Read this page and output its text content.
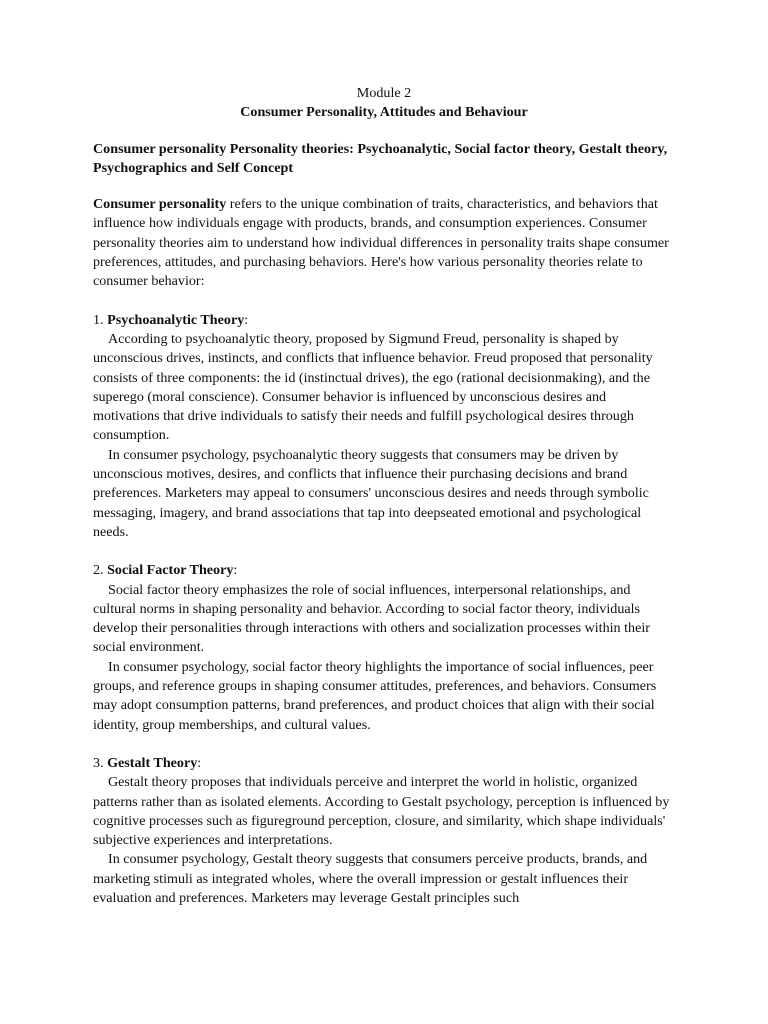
Module 2

Consumer Personality, Attitudes and Behaviour

Consumer personality Personality theories: Psychoanalytic, Social factor theory, Gestalt theory, Psychographics and Self Concept

Consumer personality refers to the unique combination of traits, characteristics, and behaviors that influence how individuals engage with products, brands, and consumption experiences. Consumer personality theories aim to understand how individual differences in personality traits shape consumer preferences, attitudes, and purchasing behaviors. Here's how various personality theories relate to consumer behavior:

1. Psychoanalytic Theory:

According to psychoanalytic theory, proposed by Sigmund Freud, personality is shaped by unconscious drives, instincts, and conflicts that influence behavior. Freud proposed that personality consists of three components: the id (instinctual drives), the ego (rational decisionmaking), and the superego (moral conscience). Consumer behavior is influenced by unconscious desires and motivations that drive individuals to satisfy their needs and fulfill psychological desires through consumption.

In consumer psychology, psychoanalytic theory suggests that consumers may be driven by unconscious motives, desires, and conflicts that influence their purchasing decisions and brand preferences. Marketers may appeal to consumers' unconscious desires and needs through symbolic messaging, imagery, and brand associations that tap into deepseated emotional and psychological needs.

2. Social Factor Theory:

Social factor theory emphasizes the role of social influences, interpersonal relationships, and cultural norms in shaping personality and behavior. According to social factor theory, individuals develop their personalities through interactions with others and socialization processes within their social environment.

In consumer psychology, social factor theory highlights the importance of social influences, peer groups, and reference groups in shaping consumer attitudes, preferences, and behaviors. Consumers may adopt consumption patterns, brand preferences, and product choices that align with their social identity, group memberships, and cultural values.

3. Gestalt Theory:

Gestalt theory proposes that individuals perceive and interpret the world in holistic, organized patterns rather than as isolated elements. According to Gestalt psychology, perception is influenced by cognitive processes such as figureground perception, closure, and similarity, which shape individuals' subjective experiences and interpretations.

In consumer psychology, Gestalt theory suggests that consumers perceive products, brands, and marketing stimuli as integrated wholes, where the overall impression or gestalt influences their evaluation and preferences. Marketers may leverage Gestalt principles such
